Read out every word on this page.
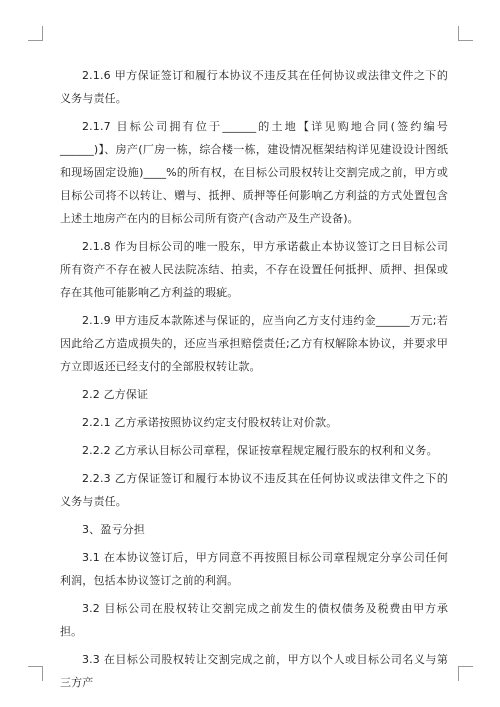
2.1.6 甲方保证签订和履行本协议不违反其在任何协议或法律文件之下的义务与责任。

2.1.7 目标公司拥有位于______的土地【详见购地合同(签约编号______)】、房产(厂房一栋，综合楼一栋，建设情况框架结构详见建设设计图纸和现场固定设施)____%的所有权，在目标公司股权转让交割完成之前，甲方或目标公司将不以转让、赠与、抵押、质押等任何影响乙方利益的方式处置包含上述土地房产在内的目标公司所有资产(含动产及生产设备)。

2.1.8 作为目标公司的唯一股东，甲方承诺截止本协议签订之日目标公司所有资产不存在被人民法院冻结、拍卖，不存在设置任何抵押、质押、担保或存在其他可能影响乙方利益的瑕疵。

2.1.9 甲方违反本款陈述与保证的，应当向乙方支付违约金______万元;若因此给乙方造成损失的，还应当承担赔偿责任;乙方有权解除本协议，并要求甲方立即返还已经支付的全部股权转让款。

2.2 乙方保证

2.2.1 乙方承诺按照协议约定支付股权转让对价款。

2.2.2 乙方承认目标公司章程，保证按章程规定履行股东的权利和义务。

2.2.3 乙方保证签订和履行本协议不违反其在任何协议或法律文件之下的义务与责任。

3、盈亏分担

3.1 在本协议签订后，甲方同意不再按照目标公司章程规定分享公司任何利润，包括本协议签订之前的利润。

3.2 目标公司在股权转让交割完成之前发生的债权债务及税费由甲方承担。

3.3 在目标公司股权转让交割完成之前，甲方以个人或目标公司名义与第三方产
